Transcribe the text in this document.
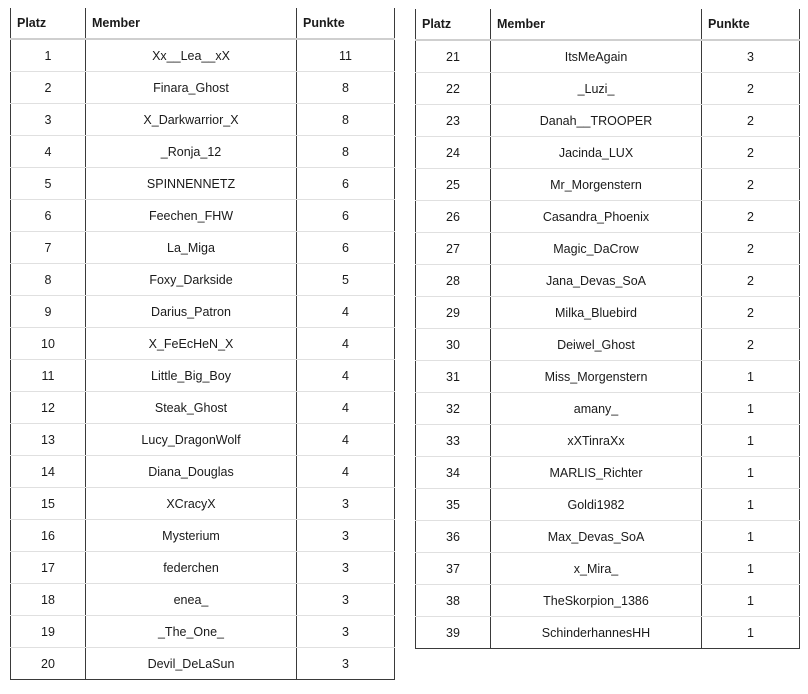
Platz	Member	Punkte
1	Xx__Lea__xX	11
2	Finara_Ghost	8
3	X_Darkwarrior_X	8
4	_Ronja_12	8
5	SPINNENNETZ	6
6	Feechen_FHW	6
7	La_Miga	6
8	Foxy_Darkside	5
9	Darius_Patron	4
10	X_FeEcHeN_X	4
11	Little_Big_Boy	4
12	Steak_Ghost	4
13	Lucy_DragonWolf	4
14	Diana_Douglas	4
15	XCracyX	3
16	Mysterium	3
17	federchen	3
18	enea_	3
19	_The_One_	3
20	Devil_DeLaSun	3
Platz	Member	Punkte
21	ItsMeAgain	3
22	_Luzi_	2
23	Danah__TROOPER	2
24	Jacinda_LUX	2
25	Mr_Morgenstern	2
26	Casandra_Phoenix	2
27	Magic_DaCrow	2
28	Jana_Devas_SoA	2
29	Milka_Bluebird	2
30	Deiwel_Ghost	2
31	Miss_Morgenstern	1
32	amany_	1
33	xXTinraXx	1
34	MARLIS_Richter	1
35	Goldi1982	1
36	Max_Devas_SoA	1
37	x_Mira_	1
38	TheSkorpion_1386	1
39	SchinderhannesHH	1
